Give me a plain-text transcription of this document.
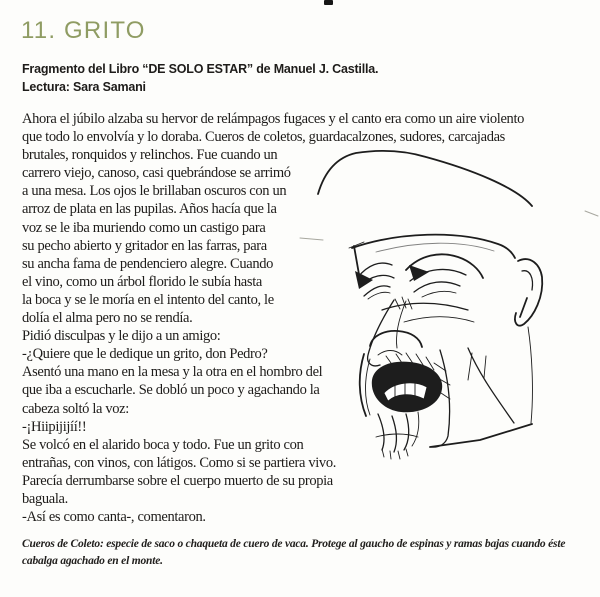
11. GRITO
Fragmento del Libro “DE SOLO ESTAR” de Manuel J. Castilla.
Lectura: Sara Samani
Ahora el júbilo alzaba su hervor de relámpagos fugaces y el canto era como un aire violento
que todo lo envolvía y lo doraba. Cueros de coletos, guardacalzones, sudores, carcajadas
brutales, ronquidos y relinchos. Fue cuando un
carrero viejo, canoso, casi quebrándose se arrimó
a una mesa. Los ojos le brillaban oscuros con un
arroz de plata en las pupilas. Años hacía que la
voz se le iba muriendo como un castigo para
su pecho abierto y gritador en las farras, para
su ancha fama de pendenciero alegre. Cuando
el vino, como un árbol florido le subía hasta
la boca y se le moría en el intento del canto, le
dolía el alma pero no se rendía.
Pidió disculpas y le dijo a un amigo:
-¿Quiere que le dedique un grito, don Pedro?
Asentó una mano en la mesa y la otra en el hombro del
que iba a escucharle. Se dobló un poco y agachando la
cabeza soltó la voz:
-¡Hiipijijíí!!
Se volcó en el alarido boca y todo. Fue un grito con
entrañas, con vinos, con látigos. Como si se partiera vivo.
Parecía derrumbarse sobre el cuerpo muerto de su propia
baguala.
-Así es como canta-, comentaron.
Cueros de Coleto: especie de saco o chaqueta de cuero de vaca. Protege al gaucho de espinas y ramas bajas cuando éste
cabalga agachado en el monte.
